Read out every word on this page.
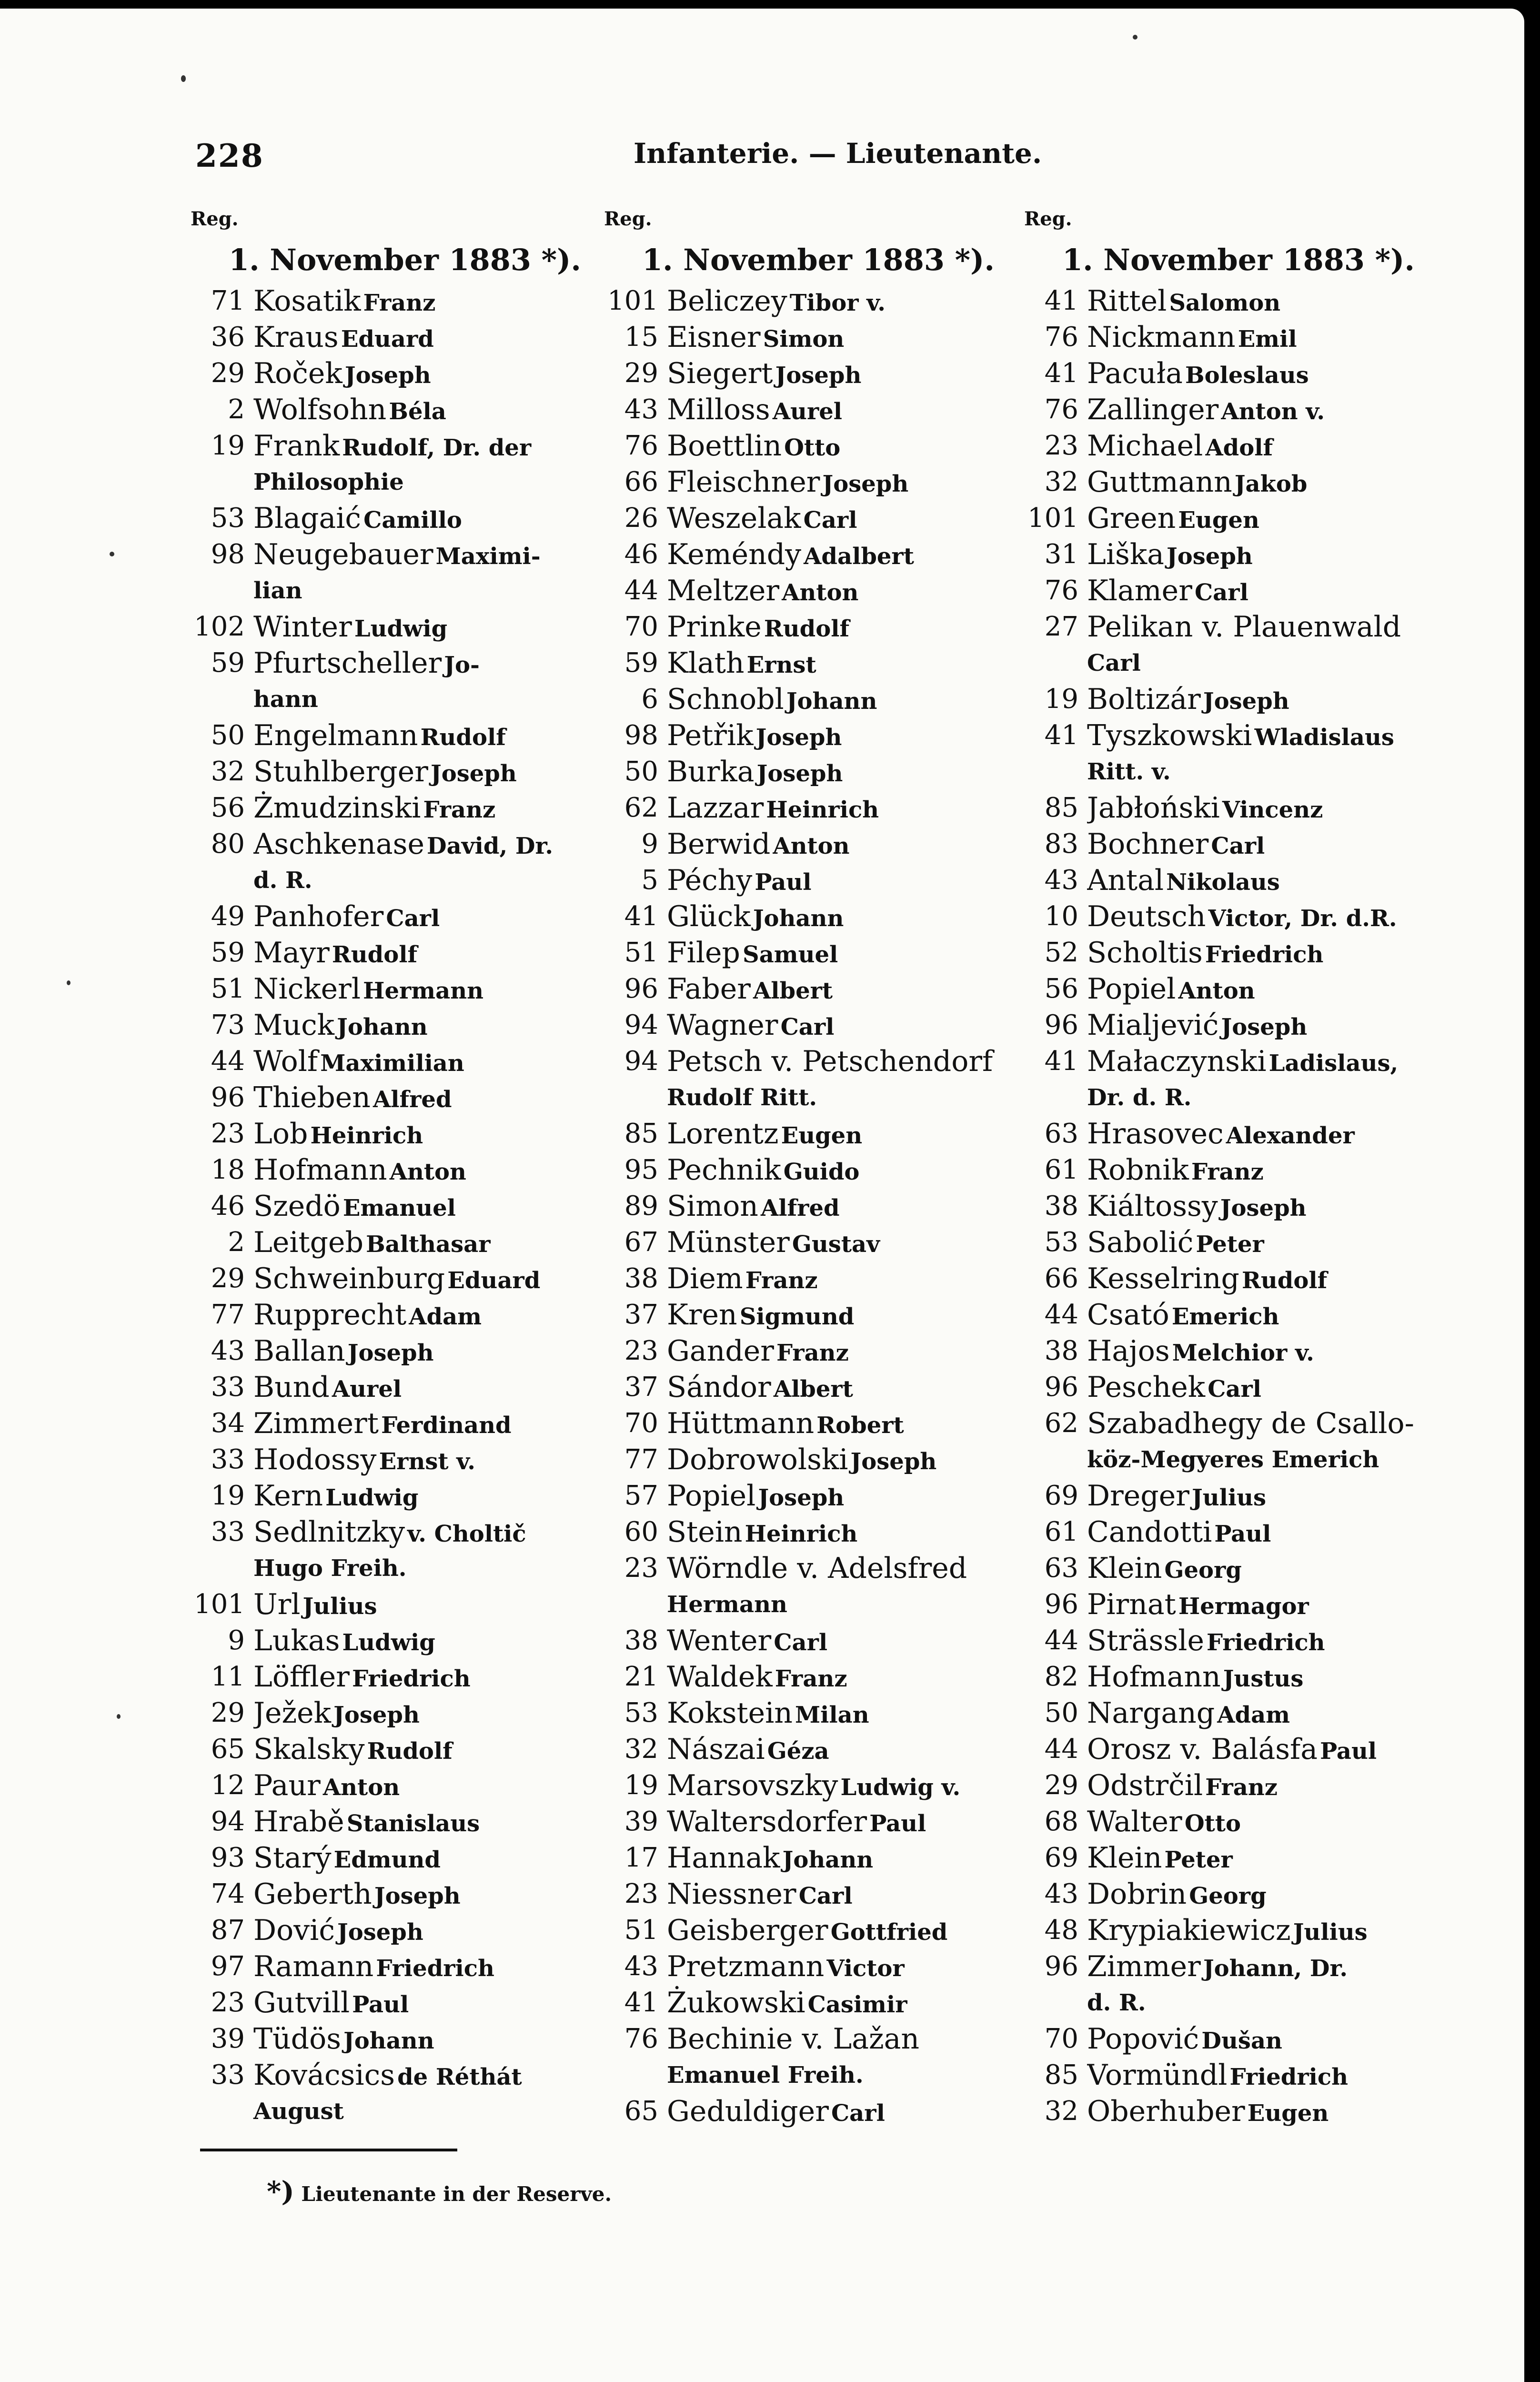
228	Infanterie. — Lieutenante.
Reg.
1. November 1883 *).
71 Kosatik Franz
36 Kraus Eduard
29 Roček Joseph
2 Wolfsohn Béla
19 Frank Rudolf, Dr. der
Philosophie
53 Blagaić Camillo
98 Neugebauer Maximi-
lian
102 Winter Ludwig
59 Pfurtscheller Jo-
hann
50 Engelmann Rudolf
32 Stuhlberger Joseph
56 Żmudzinski Franz
80 Aschkenase David, Dr.
d. R.
49 Panhofer Carl
59 Mayr Rudolf
51 Nickerl Hermann
73 Muck Johann
44 Wolf Maximilian
96 Thieben Alfred
23 Lob Heinrich
18 Hofmann Anton
46 Szedö Emanuel
2 Leitgeb Balthasar
29 Schweinburg Eduard
77 Rupprecht Adam
43 Ballan Joseph
33 Bund Aurel
34 Zimmert Ferdinand
33 Hodossy Ernst v.
19 Kern Ludwig
33 Sedlnitzky v. Choltič
Hugo Freih.
101 Url Julius
9 Lukas Ludwig
11 Löffler Friedrich
29 Ježek Joseph
65 Skalsky Rudolf
12 Paur Anton
94 Hrabě Stanislaus
93 Starý Edmund
74 Geberth Joseph
87 Dović Joseph
97 Ramann Friedrich
23 Gutvill Paul
39 Tüdös Johann
33 Kovácsics de Réthát
August
Reg.
1. November 1883 *).
101 Beliczey Tibor v.
15 Eisner Simon
29 Siegert Joseph
43 Milloss Aurel
76 Boettlin Otto
66 Fleischner Joseph
26 Weszelak Carl
46 Keméndy Adalbert
44 Meltzer Anton
70 Prinke Rudolf
59 Klath Ernst
6 Schnobl Johann
98 Petřik Joseph
50 Burka Joseph
62 Lazzar Heinrich
9 Berwid Anton
5 Péchy Paul
41 Glück Johann
51 Filep Samuel
96 Faber Albert
94 Wagner Carl
94 Petsch v. Petschendorf
Rudolf Ritt.
85 Lorentz Eugen
95 Pechnik Guido
89 Simon Alfred
67 Münster Gustav
38 Diem Franz
37 Kren Sigmund
23 Gander Franz
37 Sándor Albert
70 Hüttmann Robert
77 Dobrowolski Joseph
57 Popiel Joseph
60 Stein Heinrich
23 Wörndle v. Adelsfred
Hermann
38 Wenter Carl
21 Waldek Franz
53 Kokstein Milan
32 Nászai Géza
19 Marsovszky Ludwig v.
39 Waltersdorfer Paul
17 Hannak Johann
23 Niessner Carl
51 Geisberger Gottfried
43 Pretzmann Victor
41 Żukowski Casimir
76 Bechinie v. Lažan
Emanuel Freih.
65 Geduldiger Carl
Reg.
1. November 1883 *).
41 Rittel Salomon
76 Nickmann Emil
41 Pacuła Boleslaus
76 Zallinger Anton v.
23 Michael Adolf
32 Guttmann Jakob
101 Green Eugen
31 Liška Joseph
76 Klamer Carl
27 Pelikan v. Plauenwald
Carl
19 Boltizár Joseph
41 Tyszkowski Wladislaus
Ritt. v.
85 Jabłoński Vincenz
83 Bochner Carl
43 Antal Nikolaus
10 Deutsch Victor, Dr. d.R.
52 Scholtis Friedrich
56 Popiel Anton
96 Mialjević Joseph
41 Małaczynski Ladislaus,
Dr. d. R.
63 Hrasovec Alexander
61 Robnik Franz
38 Kiáltossy Joseph
53 Sabolić Peter
66 Kesselring Rudolf
44 Csató Emerich
38 Hajos Melchior v.
96 Peschek Carl
62 Szabadhegy de Csallo-
köz-Megyeres Emerich
69 Dreger Julius
61 Candotti Paul
63 Klein Georg
96 Pirnat Hermagor
44 Strässle Friedrich
82 Hofmann Justus
50 Nargang Adam
44 Orosz v. Balásfa Paul
29 Odstrčil Franz
68 Walter Otto
69 Klein Peter
43 Dobrin Georg
48 Krypiakiewicz Julius
96 Zimmer Johann, Dr.
d. R.
70 Popović Dušan
85 Vormündl Friedrich
32 Oberhuber Eugen
*) Lieutenante in der Reserve.
